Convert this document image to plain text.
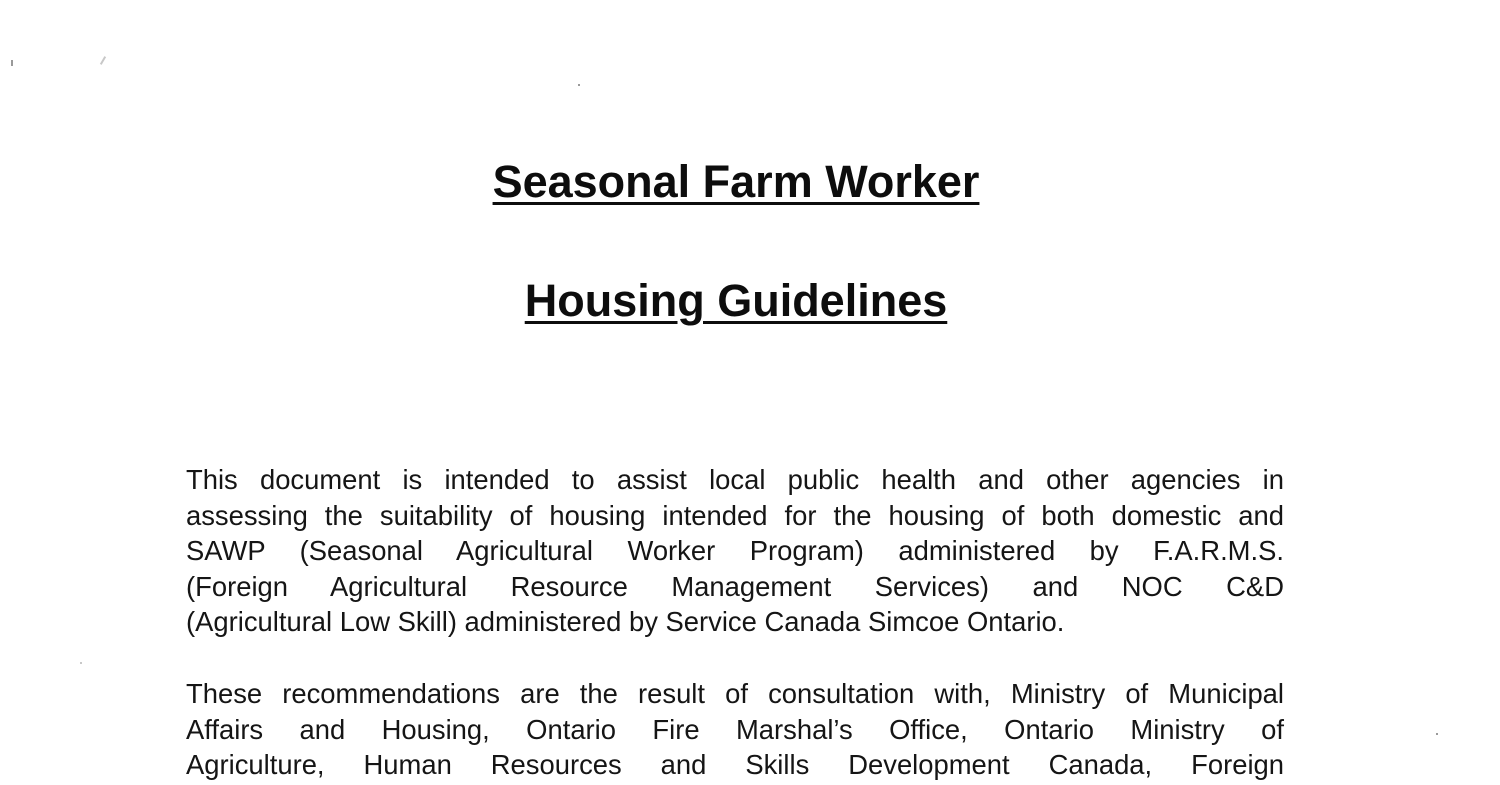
Seasonal Farm Worker
Housing Guidelines

This document is intended to assist local public health and other agencies in
assessing the suitability of housing intended for the housing of both domestic and
SAWP (Seasonal Agricultural Worker Program) administered by F.A.R.M.S.
(Foreign Agricultural Resource Management Services) and NOC C&D
(Agricultural Low Skill) administered by Service Canada Simcoe Ontario.

These recommendations are the result of consultation with, Ministry of Municipal
Affairs and Housing, Ontario Fire Marshal’s Office, Ontario Ministry of
Agriculture, Human Resources and Skills Development Canada, Foreign
